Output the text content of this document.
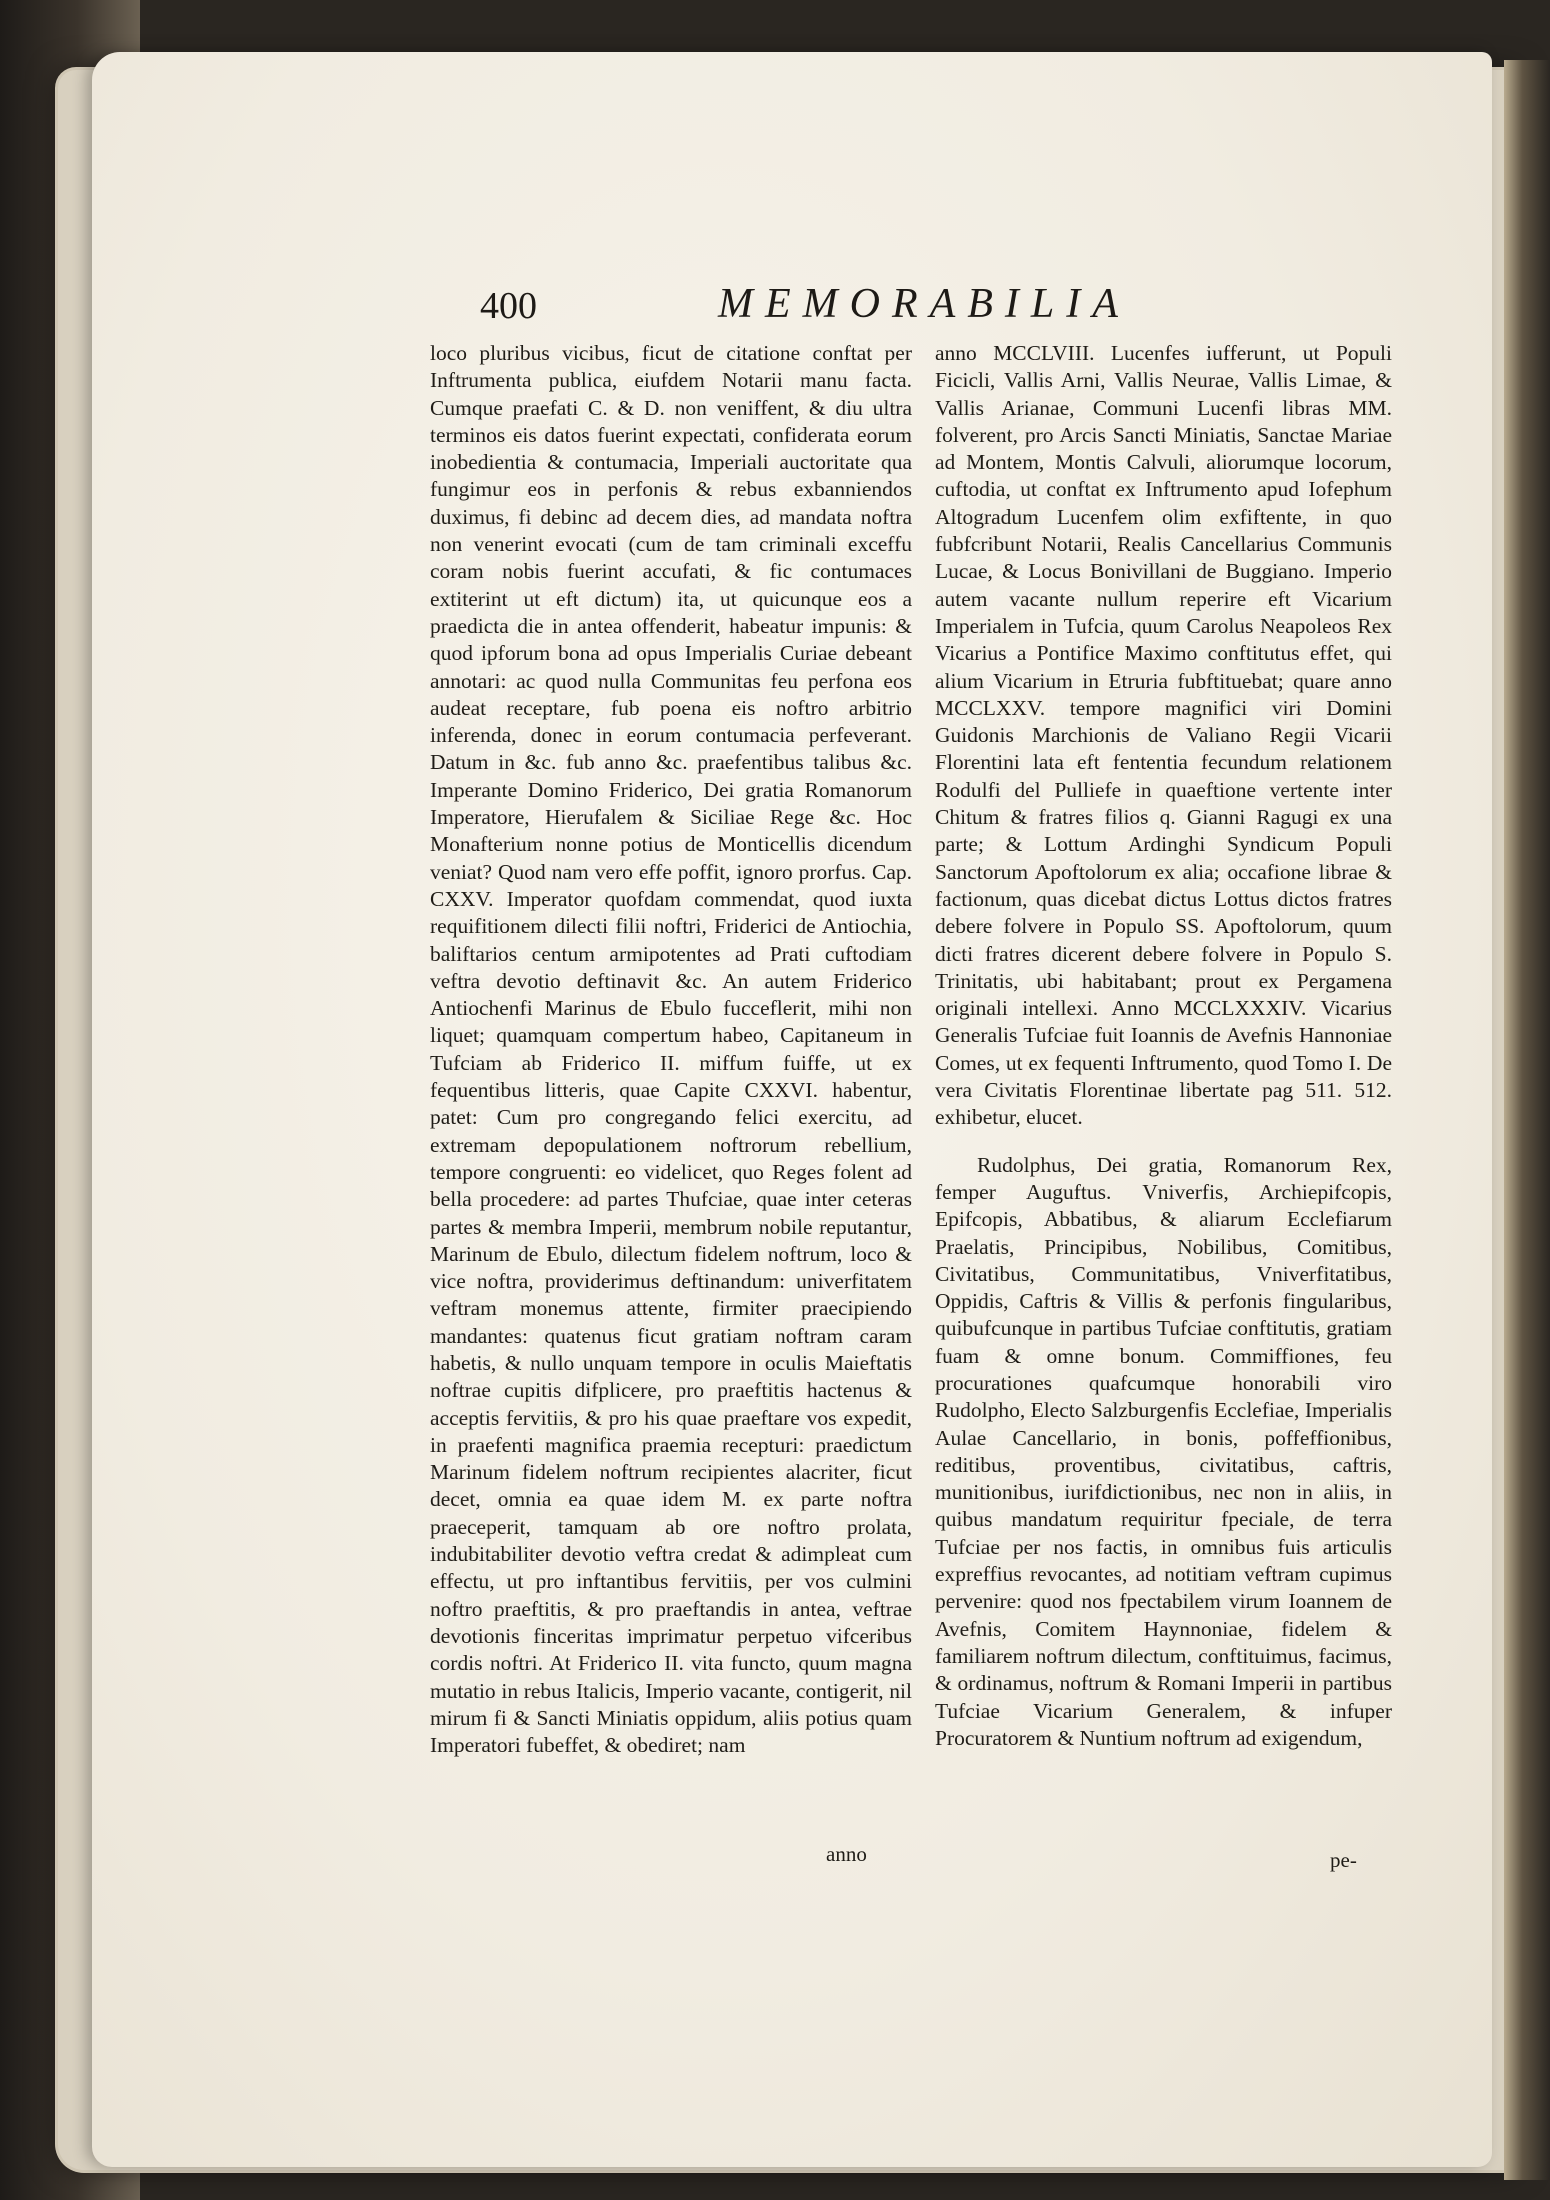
400	MEMORABILIA

loco pluribus vicibus, ficut de citatione conftat per Inftrumenta publica, eiufdem Notarii manu facta. Cumque praefati C. & D. non veniffent, & diu ultra terminos eis datos fuerint expectati, confiderata eorum inobedientia & contumacia, Imperiali auctoritate qua fungimur eos in perfonis & rebus exbanniendos duximus, fi debinc ad decem dies, ad mandata noftra non venerint evocati (cum de tam criminali exceffu coram nobis fuerint accufati, & fic contumaces extiterint ut eft dictum) ita, ut quicunque eos a praedicta die in antea offenderit, habeatur impunis: & quod ipforum bona ad opus Imperialis Curiae debeant annotari: ac quod nulla Communitas feu perfona eos audeat receptare, fub poena eis noftro arbitrio inferenda, donec in eorum contumacia perfeverant. Datum in &c. fub anno &c. praefentibus talibus &c. Imperante Domino Friderico, Dei gratia Romanorum Imperatore, Hierufalem & Siciliae Rege &c. Hoc Monafterium nonne potius de Monticellis dicendum veniat? Quod nam vero effe poffit, ignoro prorfus. Cap. CXXV. Imperator quofdam commendat, quod iuxta requifitionem dilecti filii noftri, Friderici de Antiochia, baliftarios centum armipotentes ad Prati cuftodiam veftra devotio deftinavit &c. An autem Friderico Antiochenfi Marinus de Ebulo fucceflerit, mihi non liquet; quamquam compertum habeo, Capitaneum in Tufciam ab Friderico II. miffum fuiffe, ut ex fequentibus litteris, quae Capite CXXVI. habentur, patet: Cum pro congregando felici exercitu, ad extremam depopulationem noftrorum rebellium, tempore congruenti: eo videlicet, quo Reges folent ad bella procedere: ad partes Thufciae, quae inter ceteras partes & membra Imperii, membrum nobile reputantur, Marinum de Ebulo, dilectum fidelem noftrum, loco & vice noftra, providerimus deftinandum: univerfitatem veftram monemus attente, firmiter praecipiendo mandantes: quatenus ficut gratiam noftram caram habetis, & nullo unquam tempore in oculis Maieftatis noftrae cupitis difplicere, pro praeftitis hactenus & acceptis fervitiis, & pro his quae praeftare vos expedit, in praefenti magnifica praemia recepturi: praedictum Marinum fidelem noftrum recipientes alacriter, ficut decet, omnia ea quae idem M. ex parte noftra praeceperit, tamquam ab ore noftro prolata, indubitabiliter devotio veftra credat & adimpleat cum effectu, ut pro inftantibus fervitiis, per vos culmini noftro praeftitis, & pro praeftandis in antea, veftrae devotionis finceritas imprimatur perpetuo vifceribus cordis noftri. At Friderico II. vita functo, quum magna mutatio in rebus Italicis, Imperio vacante, contigerit, nil mirum fi & Sancti Miniatis oppidum, aliis potius quam Imperatori fubeffet, & obediret; nam

anno

anno MCCLVIII. Lucenfes iufferunt, ut Populi Ficicli, Vallis Arni, Vallis Neurae, Vallis Limae, & Vallis Arianae, Communi Lucenfi libras MM. folverent, pro Arcis Sancti Miniatis, Sanctae Mariae ad Montem, Montis Calvuli, aliorumque locorum, cuftodia, ut conftat ex Inftrumento apud Iofephum Altogradum Lucenfem olim exfiftente, in quo fubfcribunt Notarii, Realis Cancellarius Communis Lucae, & Locus Bonivillani de Buggiano. Imperio autem vacante nullum reperire eft Vicarium Imperialem in Tufcia, quum Carolus Neapoleos Rex Vicarius a Pontifice Maximo conftitutus effet, qui alium Vicarium in Etruria fubftituebat; quare anno MCCLXXV. tempore magnifici viri Domini Guidonis Marchionis de Valiano Regii Vicarii Florentini lata eft fententia fecundum relationem Rodulfi del Pulliefe in quaeftione vertente inter Chitum & fratres filios q. Gianni Ragugi ex una parte; & Lottum Ardinghi Syndicum Populi Sanctorum Apoftolorum ex alia; occafione librae & factionum, quas dicebat dictus Lottus dictos fratres debere folvere in Populo SS. Apoftolorum, quum dicti fratres dicerent debere folvere in Populo S. Trinitatis, ubi habitabant; prout ex Pergamena originali intellexi. Anno MCCLXXXIV. Vicarius Generalis Tufciae fuit Ioannis de Avefnis Hannoniae Comes, ut ex fequenti Inftrumento, quod Tomo I. De vera Civitatis Florentinae libertate pag 511. 512. exhibetur, elucet.

Rudolphus, Dei gratia, Romanorum Rex, femper Auguftus. Vniverfis, Archiepifcopis, Epifcopis, Abbatibus, & aliarum Ecclefiarum Praelatis, Principibus, Nobilibus, Comitibus, Civitatibus, Communitatibus, Vniverfitatibus, Oppidis, Caftris & Villis & perfonis fingularibus, quibufcunque in partibus Tufciae conftitutis, gratiam fuam & omne bonum. Commiffiones, feu procurationes quafcumque honorabili viro Rudolpho, Electo Salzburgenfis Ecclefiae, Imperialis Aulae Cancellario, in bonis, poffeffionibus, reditibus, proventibus, civitatibus, caftris, munitionibus, iurifdictionibus, nec non in aliis, in quibus mandatum requiritur fpeciale, de terra Tufciae per nos factis, in omnibus fuis articulis expreffius revocantes, ad notitiam veftram cupimus pervenire: quod nos fpectabilem virum Ioannem de Avefnis, Comitem Haynnoniae, fidelem & familiarem noftrum dilectum, conftituimus, facimus, & ordinamus, noftrum & Romani Imperii in partibus Tufciae Vicarium Generalem, & infuper Procuratorem & Nuntium noftrum ad exigendum,

pe-
